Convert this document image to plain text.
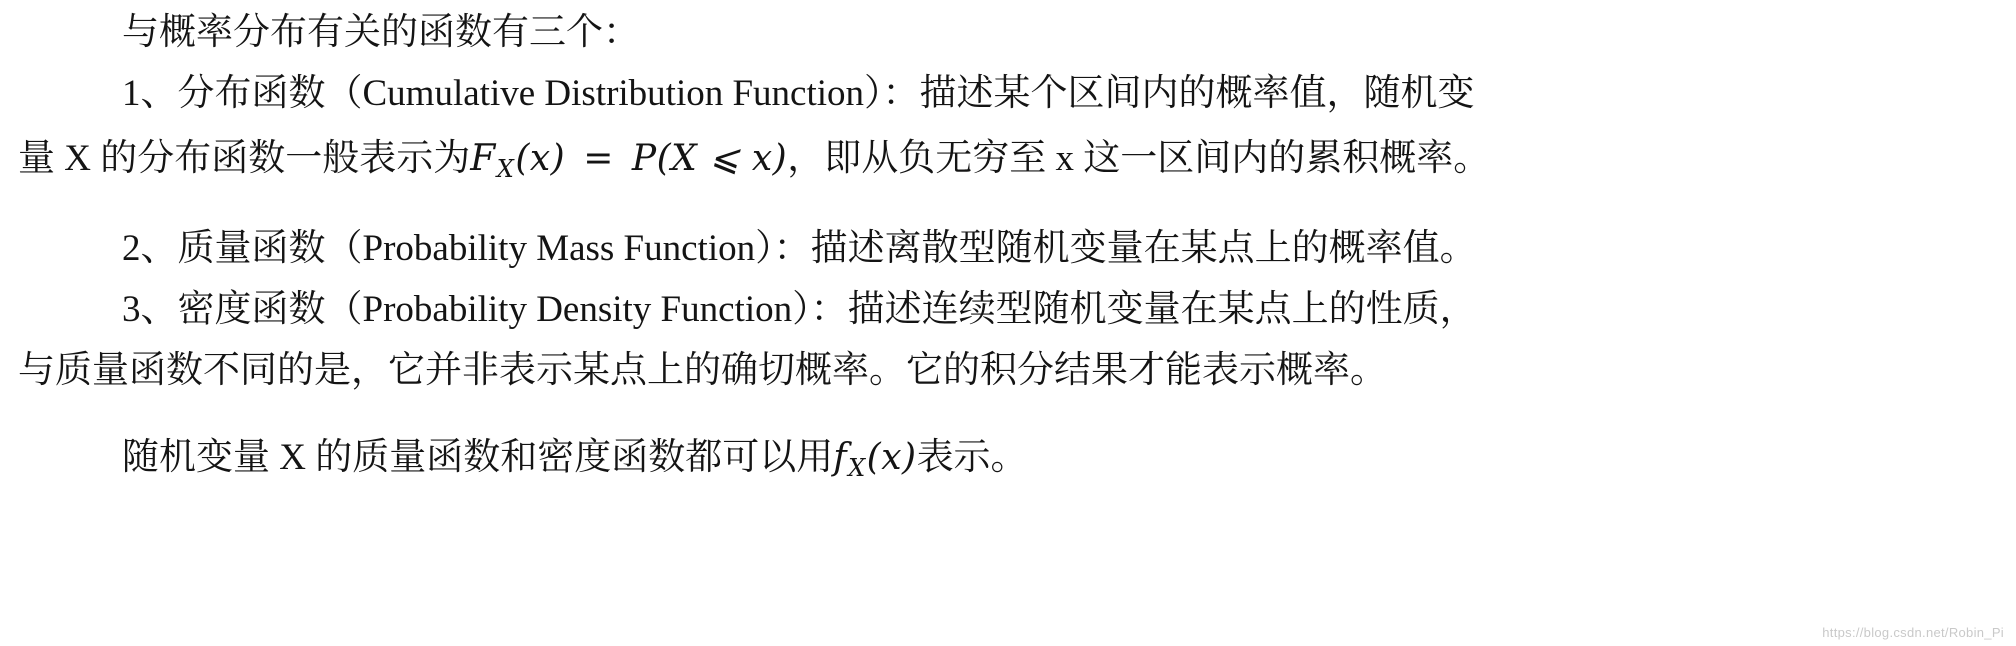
与概率分布有关的函数有三个：
1、分布函数（Cumulative Distribution Function）：描述某个区间内的概率值，随机变
量 X 的分布函数一般表示为$F_X(x) = P(X$ ⩽ x)，即从负无穷至 x 这一区间内的累积概率。
2、质量函数（Probability Mass Function）：描述离散型随机变量在某点上的概率值。
3、密度函数（Probability Density Function）：描述连续型随机变量在某点上的性质，
与质量函数不同的是，它并非表示某点上的确切概率。它的积分结果才能表示概率。
随机变量 X 的质量函数和密度函数都可以用$f_X(x)$表示。
https://blog.csdn.net/Robin_Pi
